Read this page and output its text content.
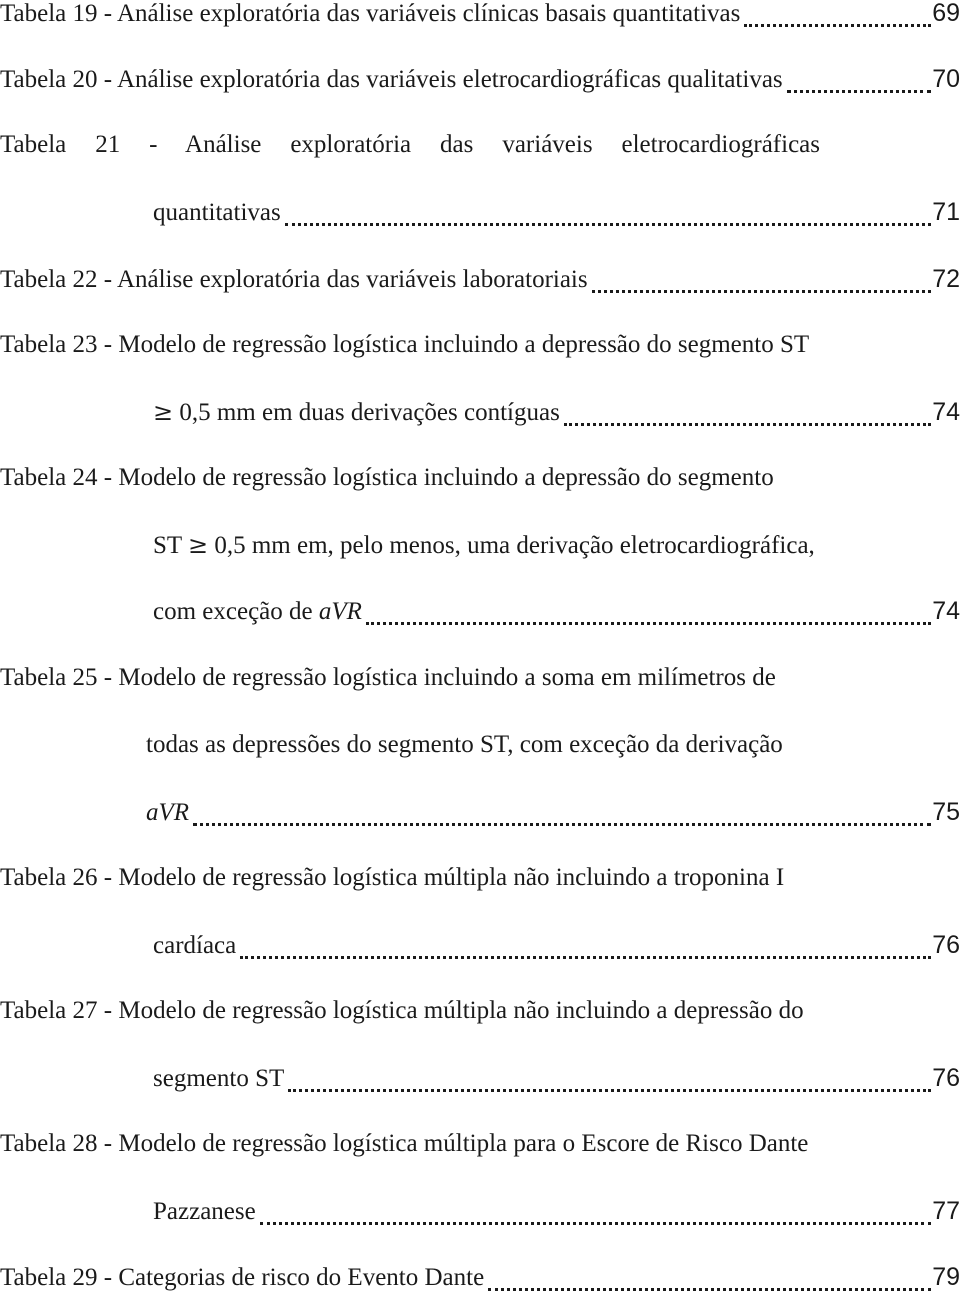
Tabela 19 - Análise exploratória das variáveis clínicas basais quantitativas	69
Tabela 20 - Análise exploratória das variáveis eletrocardiográficas qualitativas	70
Tabela 21 - Análise exploratória das variáveis eletrocardiográficas
quantitativas	71
Tabela 22 - Análise exploratória das variáveis laboratoriais	72
Tabela 23 - Modelo de regressão logística incluindo a depressão do segmento ST
≥ 0,5 mm em duas derivações contíguas	74
Tabela 24 - Modelo de regressão logística incluindo a depressão do segmento
ST ≥ 0,5 mm em, pelo menos, uma derivação eletrocardiográfica,
com exceção de aVR	74
Tabela 25 - Modelo de regressão logística incluindo a soma em milímetros de
todas as depressões do segmento ST, com exceção da derivação
aVR	75
Tabela 26 - Modelo de regressão logística múltipla não incluindo a troponina I
cardíaca	76
Tabela 27 - Modelo de regressão logística múltipla não incluindo a depressão do
segmento ST	76
Tabela 28 - Modelo de regressão logística múltipla para o Escore de Risco Dante
Pazzanese	77
Tabela 29 - Categorias de risco do Evento Dante	79
